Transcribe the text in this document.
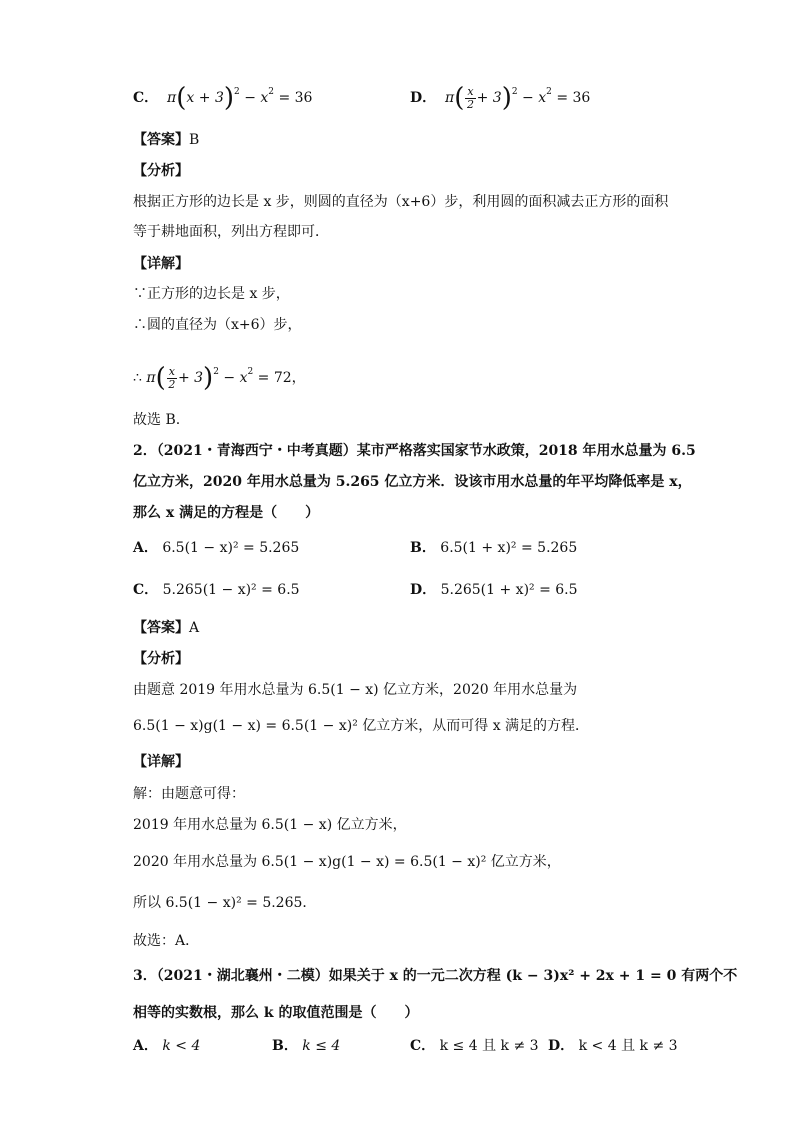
C．  $\pi(x + 3)^2 - x^2 = 36$	D．  $\pi( \frac{x}{2} + 3)^2 - x^2 = 36$
【答案】B
【分析】
根据正方形的边长是 x 步，则圆的直径为（x+6）步，利用圆的面积减去正方形的面积
等于耕地面积，列出方程即可．
【详解】
∵正方形的边长是 x 步，
∴圆的直径为（x+6）步，
∴ $\pi( \frac{x}{2} + 3)^2 - x^2 = 72$，
故选 B.
2．（2021・青海西宁・中考真题）某市严格落实国家节水政策，2018 年用水总量为 6.5
亿立方米，2020 年用水总量为 5.265 亿立方米．设该市用水总量的年平均降低率是 x，
那么 x 满足的方程是（　　）
A． 6.5(1 − x)² = 5.265	B． 6.5(1 + x)² = 5.265
C． 5.265(1 − x)² = 6.5	D． 5.265(1 + x)² = 6.5
【答案】A
【分析】
由题意 2019 年用水总量为 6.5(1 − x) 亿立方米，2020 年用水总量为
6.5(1 − x)g(1 − x) = 6.5(1 − x)² 亿立方米，从而可得 x 满足的方程．
【详解】
解：由题意可得：
2019 年用水总量为 6.5(1 − x) 亿立方米，
2020 年用水总量为 6.5(1 − x)g(1 − x) = 6.5(1 − x)² 亿立方米，
所以 6.5(1 − x)² = 5.265．
故选：A．
3．（2021・湖北襄州・二模）如果关于 x 的一元二次方程 (k − 3)x² + 2x + 1 = 0 有两个不
相等的实数根，那么 k 的取值范围是（　　）
A． k < 4	B． k ≤ 4	C． k ≤ 4 且 k ≠ 3 D． k < 4 且 k ≠ 3
